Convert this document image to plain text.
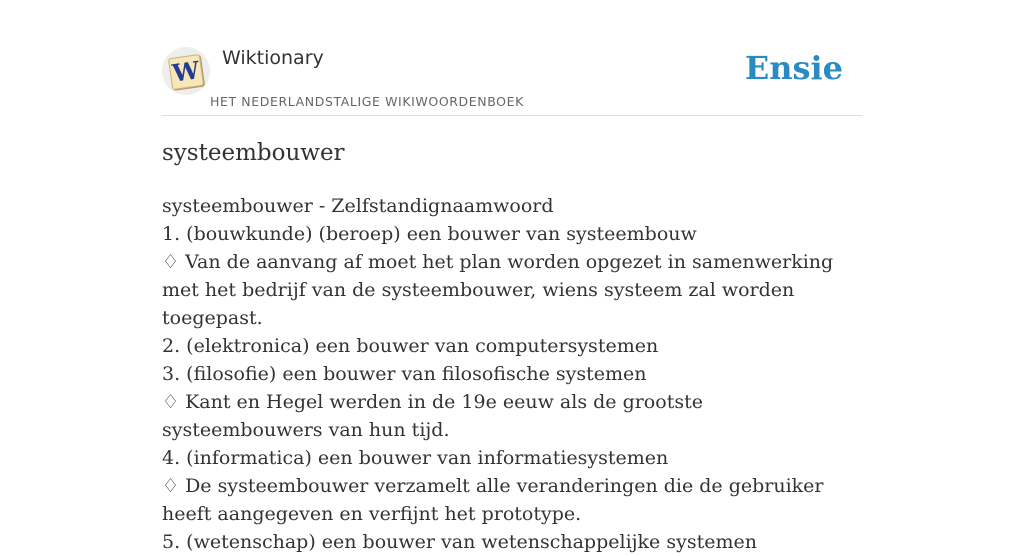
W Wiktionary
HET NEDERLANDSTALIGE WIKIWOORDENBOEK
Ensie
systeembouwer
systeembouwer - Zelfstandignaamwoord
1. (bouwkunde) (beroep) een bouwer van systeembouw
♢ Van de aanvang af moet het plan worden opgezet in samenwerking met het bedrijf van de systeembouwer, wiens systeem zal worden toegepast.
2. (elektronica) een bouwer van computersystemen
3. (filosofie) een bouwer van filosofische systemen
♢ Kant en Hegel werden in de 19e eeuw als de grootste systeembouwers van hun tijd.
4. (informatica) een bouwer van informatiesystemen
♢ De systeembouwer verzamelt alle veranderingen die de gebruiker heeft aangegeven en verfijnt het prototype.
5. (wetenschap) een bouwer van wetenschappelijke systemen
